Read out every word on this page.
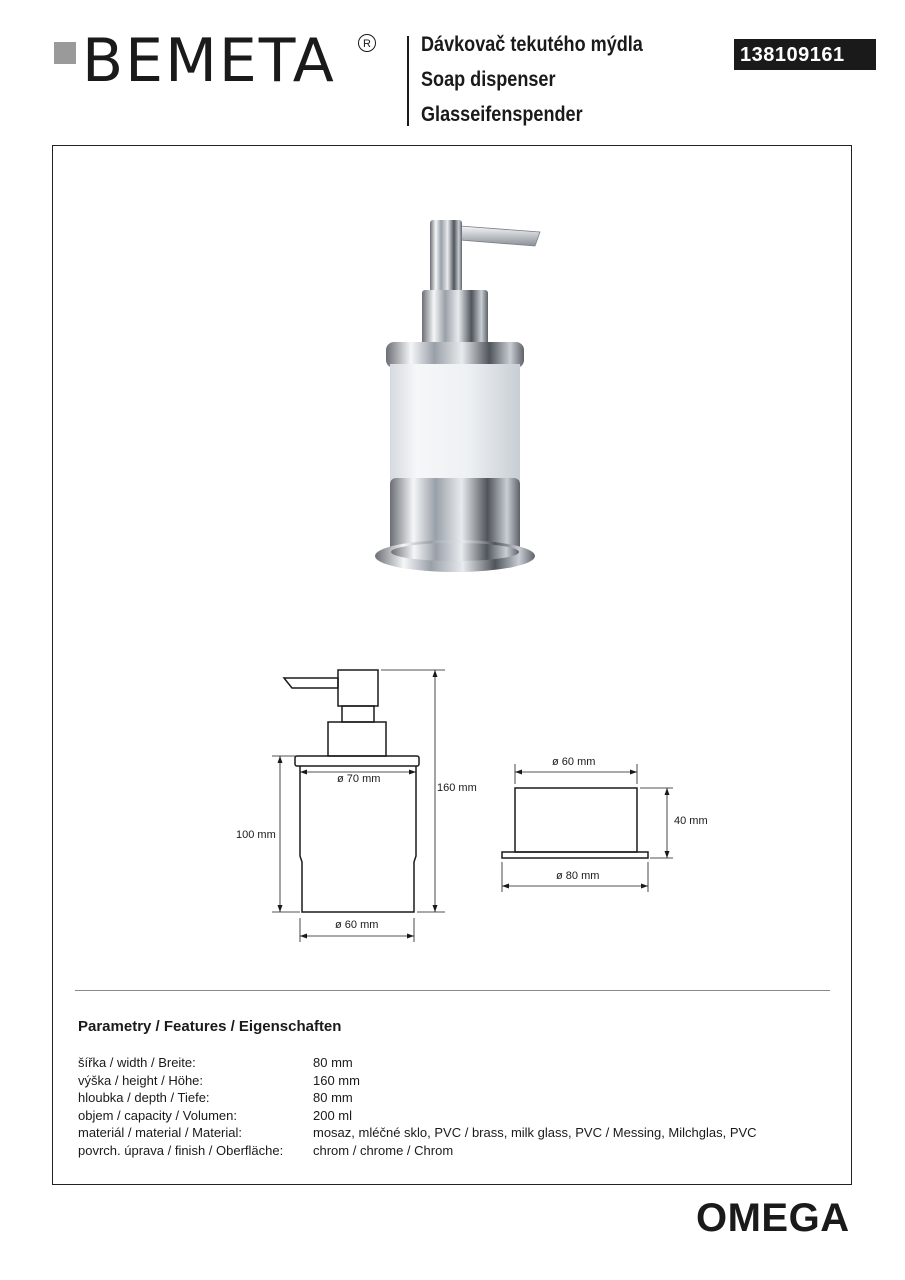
BEMETA	R Dávkovač tekutého mýdla
Soap dispenser
Glasseifenspender
138109161
ø 70 mm
160 mm
100 mm
ø 60 mm
ø 60 mm
40 mm
ø 80 mm
Parametry / Features / Eigenschaften
šířka / width / Breite:	80 mm
výška / height / Höhe:	160 mm
hloubka / depth / Tiefe:	80 mm
objem / capacity / Volumen:	200 ml
materiál / material / Material:	mosaz, mléčné sklo, PVC / brass, milk glass, PVC / Messing, Milchglas, PVC
povrch. úprava / finish / Oberfläche:	chrom / chrome / Chrom
OMEGA
